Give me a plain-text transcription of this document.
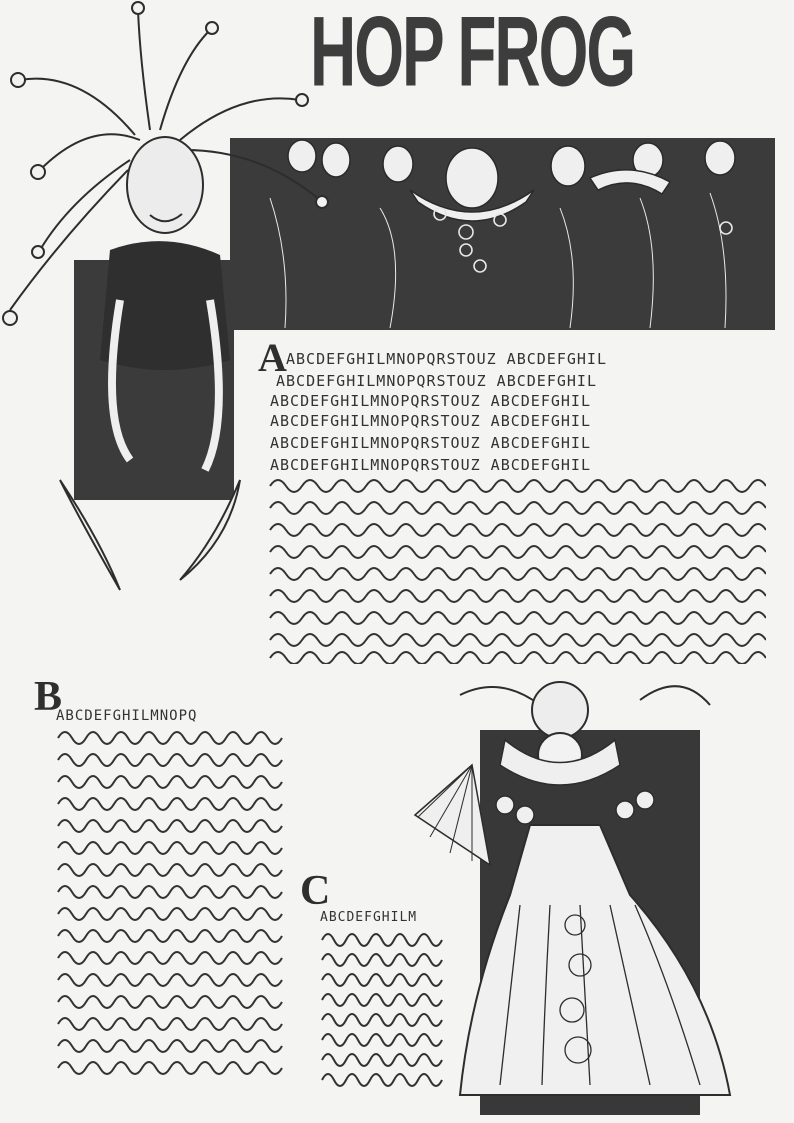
HOP FROG
A ABCDEFGHILMNOPQRSTOUZ ABCDEFGHIL
ABCDEFGHILMNOPQRSTOUZ ABCDEFGHIL
ABCDEFGHILMNOPQRSTOUZ ABCDEFGHIL
ABCDEFGHILMNOPQRSTOUZ ABCDEFGHIL
ABCDEFGHILMNOPQRSTOUZ ABCDEFGHIL
ABCDEFGHILMNOPQRSTOUZ ABCDEFGHIL
B
ABCDEFGHILMNOPQ
C
ABCDEFGHILM
